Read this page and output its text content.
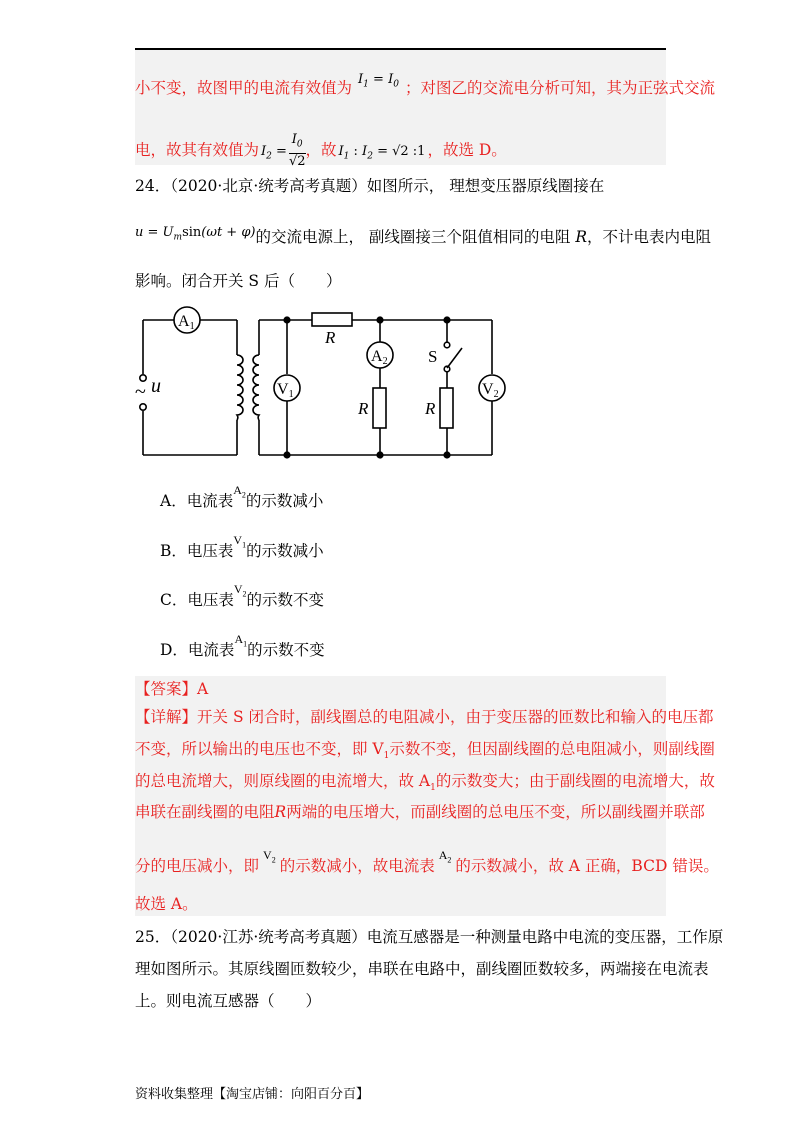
小不变，故图甲的电流有效值为 $^{I_1 = I_0}$ ；对图乙的交流电分析可知，其为正弦式交流
电，故其有效值为 $I_2 = \frac{I_0}{√2}$ ，故 $I_1$ : $I_2 = √2$ :1 ，故选 D。
24．（2020·北京·统考高考真题）如图所示， 理想变压器原线圈接在
$^{u = U_msin(\omega t + \varphi)}$的交流电源上， 副线圈接三个阻值相同的电阻 R，不计电表内电阻
影响。闭合开关 S 后（　　）
A1
A2
V1	V2
R
R	R
S
~ u
A．电流表$^{A_2}$的示数减小
B．电压表$^{V_1}$的示数减小
C．电压表$^{V_2}$的示数不变
D．电流表$^{A_1}$的示数不变
【答案】A
【详解】开关 S 闭合时，副线圈总的电阻减小，由于变压器的匝数比和输入的电压都
不变，所以输出的电压也不变，即 $V_1$示数不变，但因副线圈的总电阻减小，则副线圈
的总电流增大，则原线圈的电流增大，故 $A_1$的示数变大；由于副线圈的电流增大，故
串联在副线圈的电阻R两端的电压增大，而副线圈的总电压不变，所以副线圈并联部
分的电压减小，即$^{V_2}$ 的示数减小，故电流表$^{A_2}$ 的示数减小，故 A 正确，BCD 错误。
故选 A。
25．（2020·江苏·统考高考真题）电流互感器是一种测量电路中电流的变压器，工作原
理如图所示。其原线圈匝数较少，串联在电路中，副线圈匝数较多，两端接在电流表
上。则电流互感器（　　）
资料收集整理【淘宝店铺：向阳百分百】
